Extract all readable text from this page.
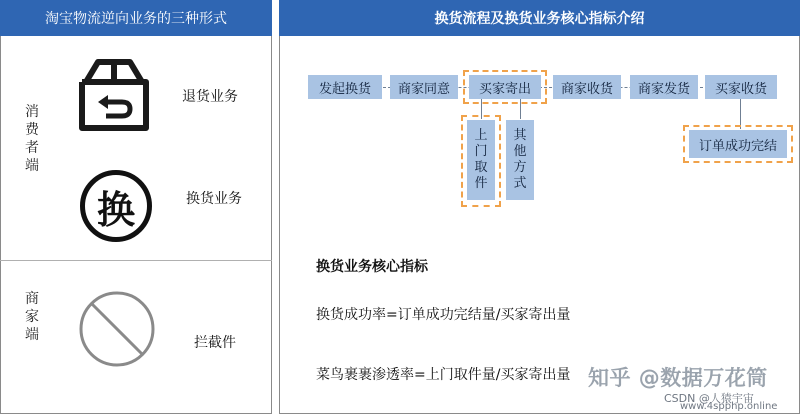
淘宝物流逆向业务的三种形式
消费者端
商家端
退货业务
换	换货业务
拦截件
换货流程及换货业务核心指标介绍
发起换货 商家同意 买家寄出 商家收货 商家发货 买家收货
上门取件
其他方式
订单成功完结
换货业务核心指标
换货成功率=订单成功完结量/买家寄出量
菜鸟裹裹渗透率=上门取件量/买家寄出量 知乎 @数据万花筒
CSDN @人猿宇宙
www.4spphp.online
